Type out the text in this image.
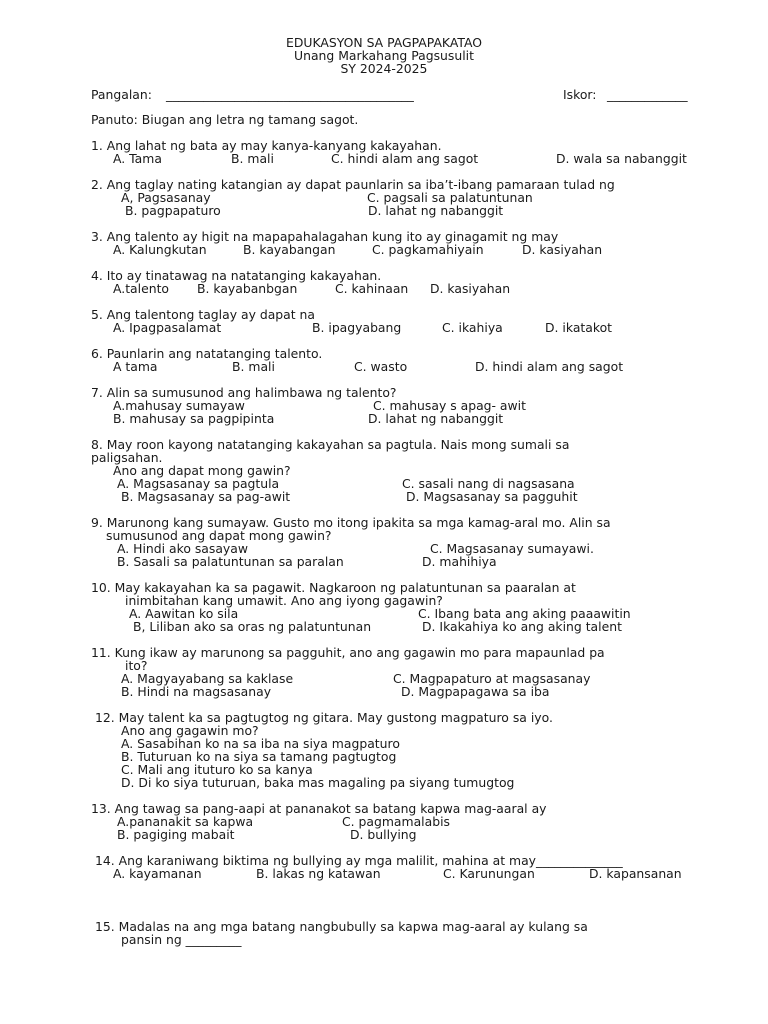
EDUKASYON SA PAGPAPAKATAO
Unang Markahang Pagsusulit
SY 2024-2025
Pangalan: ________________________________________	Iskor: _____________
Panuto: Biugan ang letra ng tamang sagot.
1. Ang lahat ng bata ay may kanya-kanyang kakayahan.
A. Tama	B. mali	C. hindi alam ang sagot	D. wala sa nabanggit
2. Ang taglay nating katangian ay dapat paunlarin sa iba’t-ibang pamaraan tulad ng
A, Pagsasanay	C. pagsali sa palatuntunan
B. pagpapaturo	D. lahat ng nabanggit
3. Ang talento ay higit na mapapahalagahan kung ito ay ginagamit ng may
A. Kalungkutan	B. kayabangan	C. pagkamahiyain	D. kasiyahan
4. Ito ay tinatawag na natatanging kakayahan.
A.talento B. kayabanbgan	C. kahinaan D. kasiyahan
5. Ang talentong taglay ay dapat na
A. Ipagpasalamat	B. ipagyabang	C. ikahiya	D. ikatakot
6. Paunlarin ang natatanging talento.
A tama	B. mali	C. wasto	D. hindi alam ang sagot
7. Alin sa sumusunod ang halimbawa ng talento?
A.mahusay sumayaw	C. mahusay s apag- awit
B. mahusay sa pagpipinta	D. lahat ng nabanggit
8. May roon kayong natatanging kakayahan sa pagtula. Nais mong sumali sa
paligsahan.
Ano ang dapat mong gawin?
A. Magsasanay sa pagtula	C. sasali nang di nagsasana
B. Magsasanay sa pag-awit	D. Magsasanay sa pagguhit
9. Marunong kang sumayaw. Gusto mo itong ipakita sa mga kamag-aral mo. Alin sa
sumusunod ang dapat mong gawin?
A. Hindi ako sasayaw	C. Magsasanay sumayawi.
B. Sasali sa palatuntunan sa paralan	D. mahihiya
10. May kakayahan ka sa pagawit. Nagkaroon ng palatuntunan sa paaralan at
inimbitahan kang umawit. Ano ang iyong gagawin?
A. Aawitan ko sila	C. Ibang bata ang aking paaawitin
B, Liliban ako sa oras ng palatuntunan	D. Ikakahiya ko ang aking talent
11. Kung ikaw ay marunong sa pagguhit, ano ang gagawin mo para mapaunlad pa
ito?
A. Magyayabang sa kaklase	C. Magpapaturo at magsasanay
B. Hindi na magsasanay	D. Magpapagawa sa iba
12. May talent ka sa pagtugtog ng gitara. May gustong magpaturo sa iyo.
Ano ang gagawin mo?
A. Sasabihan ko na sa iba na siya magpaturo
B. Tuturuan ko na siya sa tamang pagtugtog
C. Mali ang ituturo ko sa kanya
D. Di ko siya tuturuan, baka mas magaling pa siyang tumugtog
13. Ang tawag sa pang-aapi at pananakot sa batang kapwa mag-aaral ay
A.pananakit sa kapwa	C. pagmamalabis
B. pagiging mabait	D. bullying
14. Ang karaniwang biktima ng bullying ay mga malilit, mahina at may______________
A. kayamanan	B. lakas ng katawan	C. Karunungan	D. kapansanan
15. Madalas na ang mga batang nangbubully sa kapwa mag-aaral ay kulang sa
pansin ng _________
